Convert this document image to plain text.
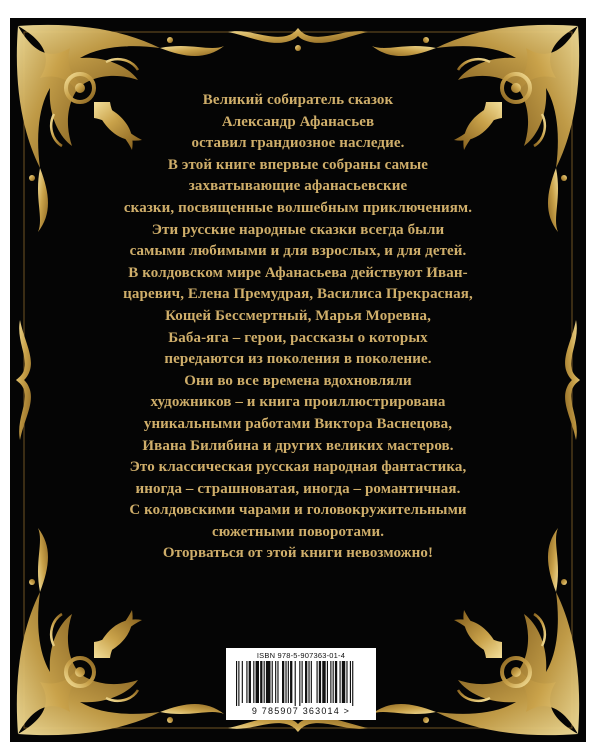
Великий собиратель сказок
Александр Афанасьев
оставил грандиозное наследие.
В этой книге впервые собраны самые
захватывающие афанасьевские
сказки, посвященные волшебным приключениям.
Эти русские народные сказки всегда были
самыми любимыми и для взрослых, и для детей.
В колдовском мире Афанасьева действуют Иван-
царевич, Елена Премудрая, Василиса Прекрасная,
Кощей Бессмертный, Марья Моревна,
Баба-яга – герои, рассказы о которых
передаются из поколения в поколение.
Они во все времена вдохновляли
художников – и книга проиллюстрирована
уникальными работами Виктора Васнецова,
Ивана Билибина и других великих мастеров.
Это классическая русская народная фантастика,
иногда – страшноватая, иногда – романтичная.
С колдовскими чарами и головокружительными
сюжетными поворотами.
Оторваться от этой книги невозможно!
ISBN 978-5-907363-01-4
9 785907 363014 >
